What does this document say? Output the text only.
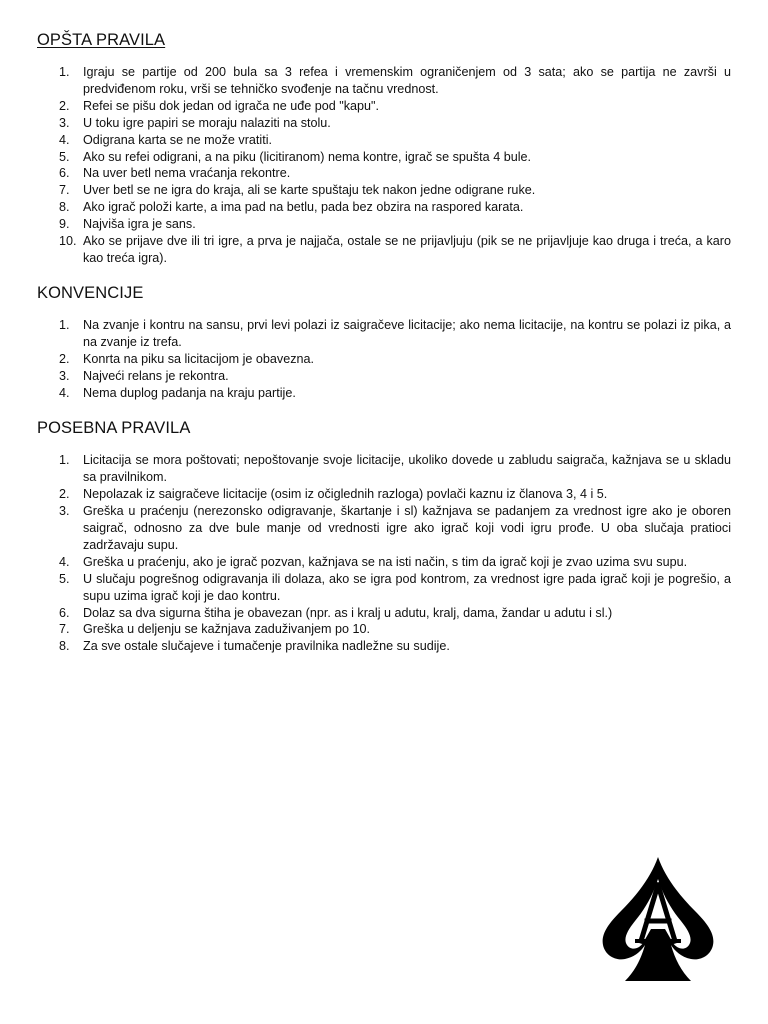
OPŠTA PRAVILA
1.	Igraju se partije od 200 bula sa 3 refea i vremenskim ograničenjem od 3 sata; ako se partija ne završi u predviđenom roku, vrši se tehničko svođenje na tačnu vrednost.
2.	Refei se pišu dok jedan od igrača ne uđe pod "kapu".
3.	U toku igre papiri se moraju nalaziti na stolu.
4.	Odigrana karta se ne može vratiti.
5.	Ako su refei odigrani, a na piku (licitiranom) nema kontre, igrač se spušta 4 bule.
6.	Na uver betl nema vraćanja rekontre.
7.	Uver betl se ne igra do kraja, ali se karte spuštaju tek nakon jedne odigrane ruke.
8.	Ako igrač položi karte, a ima pad na betlu, pada bez obzira na raspored karata.
9.	Najviša igra je sans.
10. Ako se prijave dve ili tri igre, a prva je najjača, ostale se ne prijavljuju (pik se ne prijavljuje kao druga i treća, a karo kao treća igra).
KONVENCIJE
1.	Na zvanje i kontru na sansu, prvi levi polazi iz saigračeve licitacije; ako nema licitacije, na kontru se polazi iz pika, a na zvanje iz trefa.
2.	Konrta na piku sa licitacijom je obavezna.
3.	Najveći relans je rekontra.
4.	Nema duplog padanja na kraju partije.
POSEBNA PRAVILA
1.	Licitacija se mora poštovati; nepoštovanje svoje licitacije, ukoliko dovede u zabludu saigrača, kažnjava se u skladu sa pravilnikom.
2.	Nepolazak iz saigračeve licitacije (osim iz očiglednih razloga) povlači kaznu iz članova 3, 4 i 5.
3.	Greška u praćenju (nerezonsko odigravanje, škartanje i sl) kažnjava se padanjem za vrednost igre ako je oboren saigrač, odnosno za dve bule manje od vrednosti igre ako igrač koji vodi igru prođe. U oba slučaja pratioci zadržavaju supu.
4.	Greška u praćenju, ako je igrač pozvan, kažnjava se na isti način, s tim da igrač koji je zvao uzima svu supu.
5.	U slučaju pogrešnog odigravanja ili dolaza, ako se igra pod kontrom, za vrednost igre pada igrač koji je pogrešio, a supu uzima igrač koji je dao kontru.
6.	Dolaz sa dva sigurna štiha je obavezan (npr. as i kralj u adutu, kralj, dama, žandar u adutu i sl.)
7.	Greška u deljenju se kažnjava zaduživanjem po 10.
8.	Za sve ostale slučajeve i tumačenje pravilnika nadležne su sudije.
